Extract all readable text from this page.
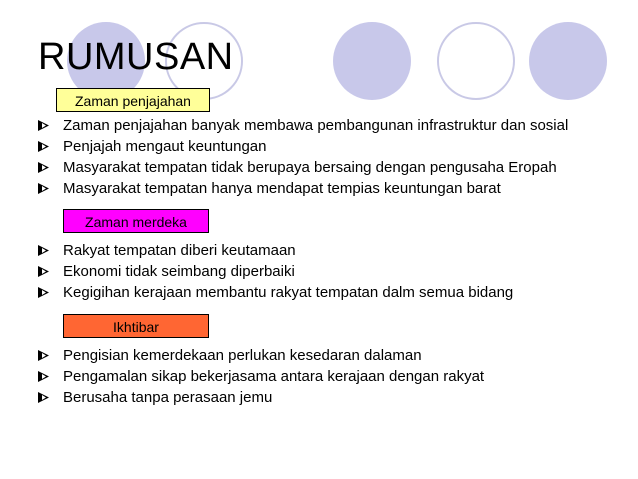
RUMUSAN
Zaman penjajahan
Zaman penjajahan banyak membawa pembangunan infrastruktur dan sosial
Penjajah mengaut keuntungan
Masyarakat tempatan tidak berupaya bersaing dengan pengusaha Eropah
Masyarakat tempatan hanya mendapat tempias keuntungan barat
Zaman merdeka
Rakyat tempatan diberi keutamaan
Ekonomi tidak seimbang diperbaiki
Kegigihan kerajaan membantu rakyat tempatan dalm semua bidang
Ikhtibar
Pengisian kemerdekaan perlukan kesedaran dalaman
Pengamalan sikap bekerjasama antara kerajaan dengan rakyat
Berusaha tanpa perasaan jemu
